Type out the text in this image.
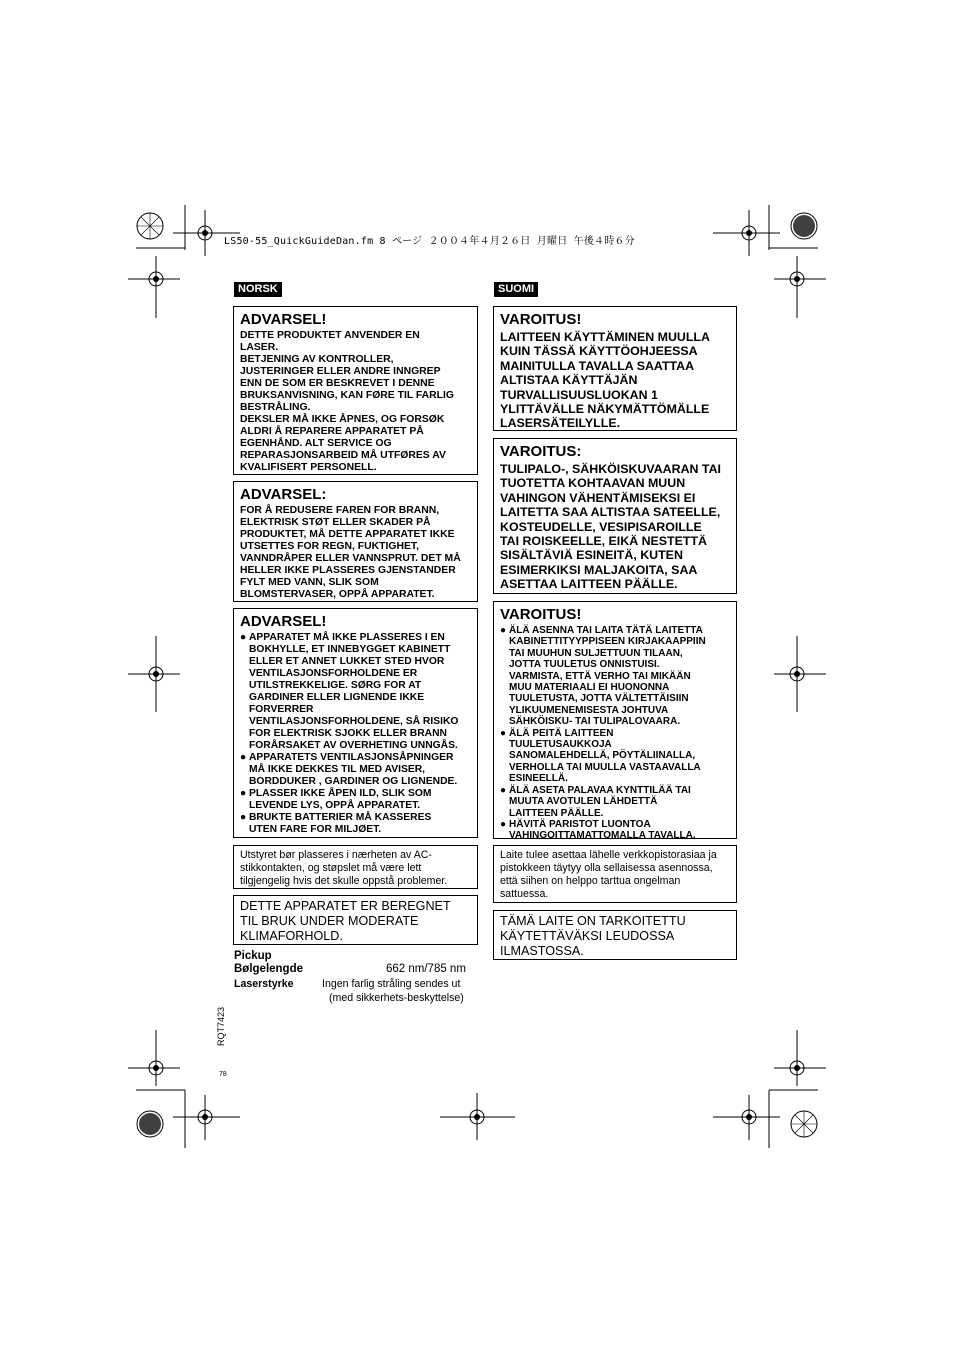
LS50-55_QuickGuideDan.fm 8 ページ ２００４年４月２６日 月曜日 午後４時６分
NORSK
ADVARSEL!
DETTE PRODUKTET ANVENDER EN
LASER.
BETJENING AV KONTROLLER,
JUSTERINGER ELLER ANDRE INNGREP
ENN DE SOM ER BESKREVET I DENNE
BRUKSANVISNING, KAN FØRE TIL FARLIG
BESTRÅLING.
DEKSLER MÅ IKKE ÅPNES, OG FORSØK
ALDRI Å REPARERE APPARATET PÅ
EGENHÅND. ALT SERVICE OG
REPARASJONSARBEID MÅ UTFØRES AV
KVALIFISERT PERSONELL.
ADVARSEL:
FOR Å REDUSERE FAREN FOR BRANN,
ELEKTRISK STØT ELLER SKADER PÅ
PRODUKTET, MÅ DETTE APPARATET IKKE
UTSETTES FOR REGN, FUKTIGHET,
VANNDRÅPER ELLER VANNSPRUT. DET MÅ
HELLER IKKE PLASSERES GJENSTANDER
FYLT MED VANN, SLIK SOM
BLOMSTERVASER, OPPÅ APPARATET.
ADVARSEL!
● APPARATET MÅ IKKE PLASSERES I EN
BOKHYLLE, ET INNEBYGGET KABINETT
ELLER ET ANNET LUKKET STED HVOR
VENTILASJONSFORHOLDENE ER
UTILSTREKKELIGE. SØRG FOR AT
GARDINER ELLER LIGNENDE IKKE
FORVERRER
VENTILASJONSFORHOLDENE, SÅ RISIKO
FOR ELEKTRISK SJOKK ELLER BRANN
FORÅRSAKET AV OVERHETING UNNGÅS.
● APPARATETS VENTILASJONSÅPNINGER
MÅ IKKE DEKKES TIL MED AVISER,
BORDDUKER , GARDINER OG LIGNENDE.
● PLASSER IKKE ÅPEN ILD, SLIK SOM
LEVENDE LYS, OPPÅ APPARATET.
● BRUKTE BATTERIER MÅ KASSERES
UTEN FARE FOR MILJØET.
Utstyret bør plasseres i nærheten av AC-
stikkontakten, og støpslet må være lett
tilgjengelig hvis det skulle oppstå problemer.
DETTE APPARATET ER BEREGNET
TIL BRUK UNDER MODERATE
KLIMAFORHOLD.
Pickup
Bølgelengde	662 nm/785 nm
Laserstyrke	Ingen farlig stråling sendes ut
(med sikkerhets-beskyttelse)
SUOMI
VAROITUS!
LAITTEEN KÄYTTÄMINEN MUULLA
KUIN TÄSSÄ KÄYTTÖOHJEESSA
MAINITULLA TAVALLA SAATTAA
ALTISTAA KÄYTTÄJÄN
TURVALLISUUSLUOKAN 1
YLITTÄVÄLLE NÄKYMÄTTÖMÄLLE
LASERSÄTEILYLLE.
VAROITUS:
TULIPALO-, SÄHKÖISKUVAARAN TAI
TUOTETTA KOHTAAVAN MUUN
VAHINGON VÄHENTÄMISEKSI EI
LAITETTA SAA ALTISTAA SATEELLE,
KOSTEUDELLE, VESIPISAROILLE
TAI ROISKEELLE, EIKÄ NESTETTÄ
SISÄLTÄVIÄ ESINEITÄ, KUTEN
ESIMERKIKSI MALJAKOITA, SAA
ASETTAA LAITTEEN PÄÄLLE.
VAROITUS!
● ÄLÄ ASENNA TAI LAITA TÄTÄ LAITETTA
KABINETTITYYPPISEEN KIRJAKAAPPIIN
TAI MUUHUN SULJETTUUN TILAAN,
JOTTA TUULETUS ONNISTUISI.
VARMISTA, ETTÄ VERHO TAI MIKÄÄN
MUU MATERIAALI EI HUONONNA
TUULETUSTA, JOTTA VÄLTETTÄISIIN
YLIKUUMENEMISESTA JOHTUVA
SÄHKÖISKU- TAI TULIPALOVAARA.
● ÄLÄ PEITÄ LAITTEEN
TUULETUSAUKKOJA
SANOMALEHDELLÄ, PÖYTÄLIINALLA,
VERHOLLA TAI MUULLA VASTAAVALLA
ESINEELLÄ.
● ÄLÄ ASETA PALAVAA KYNTTILÄÄ TAI
MUUTA AVOTULEN LÄHDETTÄ
LAITTEEN PÄÄLLE.
● HÄVITÄ PARISTOT LUONTOA
VAHINGOITTAMATTOMALLA TAVALLA.
Laite tulee asettaa lähelle verkkopistorasiaa ja
pistokkeen täytyy olla sellaisessa asennossa,
että siihen on helppo tarttua ongelman
sattuessa.
TÄMÄ LAITE ON TARKOITETTU
KÄYTETTÄVÄKSI LEUDOSSA
ILMASTOSSA.
RQT7423
78
